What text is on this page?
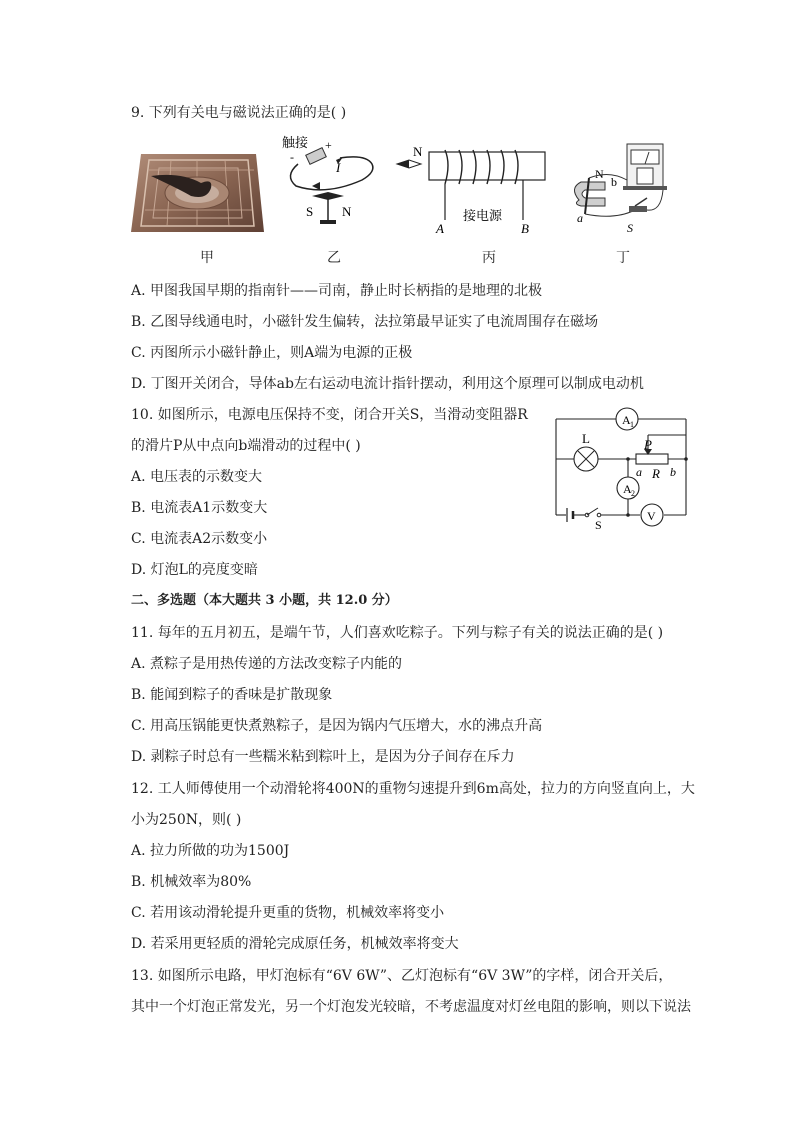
9. 下列有关电与磁说法正确的是( )
甲
触接
-
+
I
S N
乙
N
接电源
A	B
丙
N
b
a
S
丁
A. 甲图我国早期的指南针——司南，静止时长柄指的是地理的北极
B. 乙图导线通电时，小磁针发生偏转，法拉第最早证实了电流周围存在磁场
C. 丙图所示小磁针静止，则A端为电源的正极
D. 丁图开关闭合，导体ab左右运动电流计指针摆动，利用这个原理可以制成电动机
10. 如图所示，电源电压保持不变，闭合开关S，当滑动变阻器R
的滑片P从中点向b端滑动的过程中( )
A 1
L	P
a R b
A 2
S
V
A. 电压表的示数变大
B. 电流表A1示数变大
C. 电流表A2示数变小
D. 灯泡L的亮度变暗
二、多选题（本大题共 3 小题，共 12.0 分）
11. 每年的五月初五，是端午节，人们喜欢吃粽子。下列与粽子有关的说法正确的是( )
A. 煮粽子是用热传递的方法改变粽子内能的
B. 能闻到粽子的香味是扩散现象
C. 用高压锅能更快煮熟粽子，是因为锅内气压增大，水的沸点升高
D. 剥粽子时总有一些糯米粘到粽叶上，是因为分子间存在斥力
12. 工人师傅使用一个动滑轮将400N的重物匀速提升到6m高处，拉力的方向竖直向上，大
小为250N，则( )
A. 拉力所做的功为1500J
B. 机械效率为80%
C. 若用该动滑轮提升更重的货物，机械效率将变小
D. 若采用更轻质的滑轮完成原任务，机械效率将变大
13. 如图所示电路，甲灯泡标有“6V 6W”、乙灯泡标有“6V 3W”的字样，闭合开关后，
其中一个灯泡正常发光，另一个灯泡发光较暗，不考虑温度对灯丝电阻的影响，则以下说法
